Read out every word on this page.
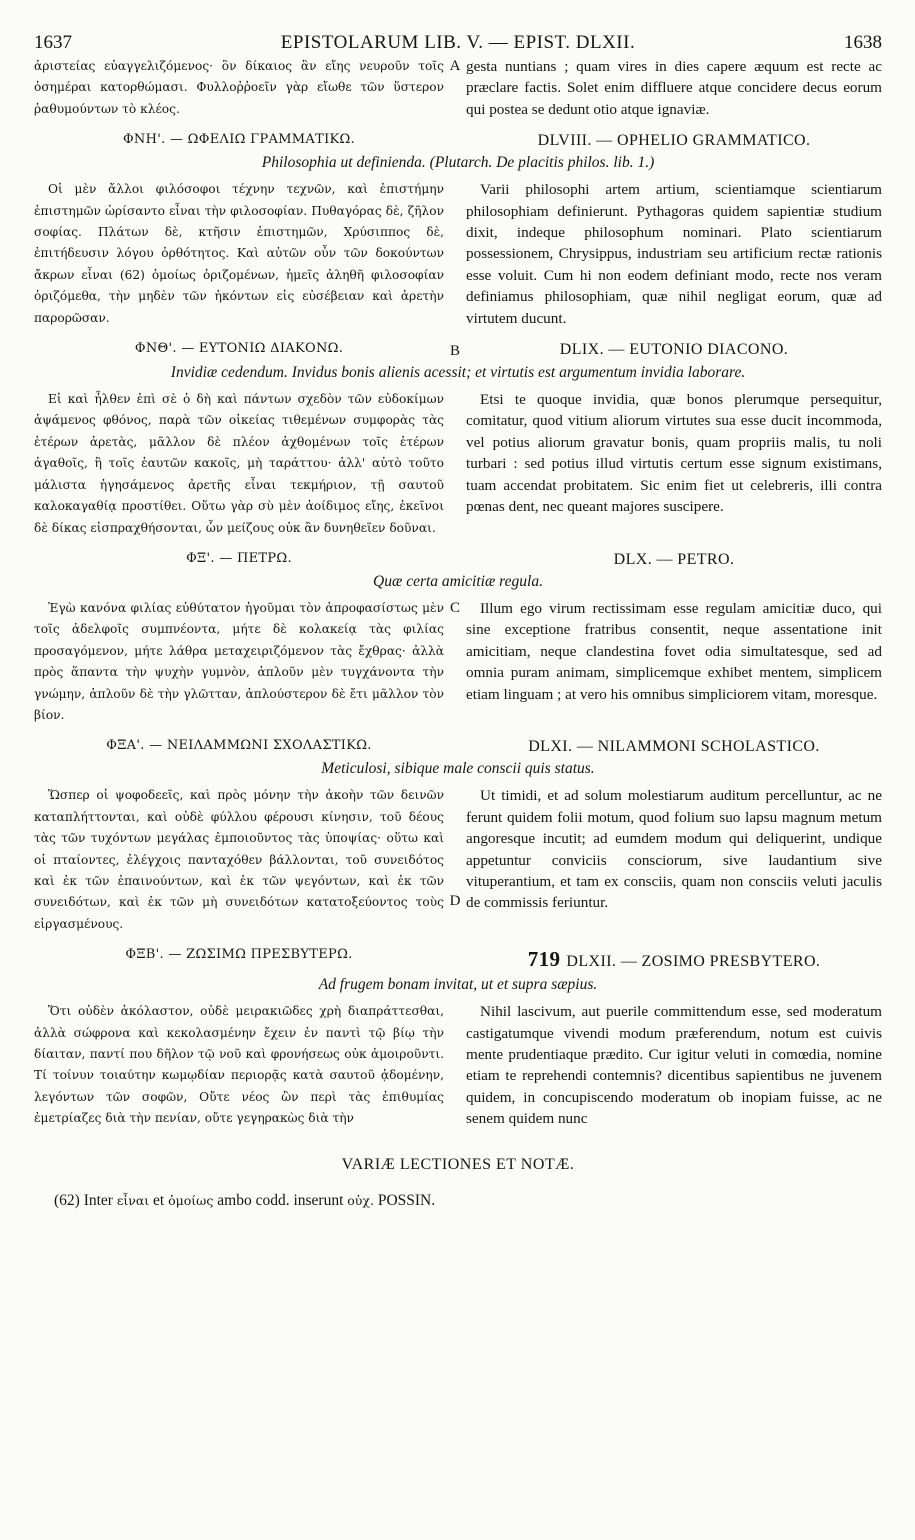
1637	EPISTOLARUM LIB. V. — EPIST. DLXII.	1638
ἀριστείας εὐαγγελιζόμενος· ὃν δίκαιος ἂν εἴης νευροῦν τοῖς ὁσημέραι κατορθώμασι. Φυλλοῤῥοεῖν γὰρ εἴωθε τῶν ὕστερον ῥαθυμούντων τὸ κλέος.
A gesta nuntians ; quam vires in dies capere æquum est recte ac præclare factis. Solet enim diffluere atque concidere decus eorum qui postea se dedunt otio atque ignaviæ.
ΦΝΗ'. — ΩΦΕΛΙΩ ΓΡΑΜΜΑΤΙΚΩ.	DLVIII. — OPHELIO GRAMMATICO.
Philosophia ut definienda. (Plutarch. De placitis philos. lib. 1.)
Οἱ μὲν ἄλλοι φιλόσοφοι τέχνην τεχνῶν, καὶ ἐπιστήμην ἐπιστημῶν ὡρίσαντο εἶναι τὴν φιλοσοφίαν. Πυθαγόρας δὲ, ζῆλον σοφίας. Πλάτων δὲ, κτῆσιν ἐπιστημῶν, Χρύσιππος δὲ, ἐπιτήδευσιν λόγου ὀρθότητος. Καὶ αὐτῶν οὖν τῶν δοκούντων ἄκρων εἶναι (62) ὁμοίως ὁριζομένων, ἡμεῖς ἀληθῆ φιλοσοφίαν ὁριζόμεθα, τὴν μηδὲν τῶν ἡκόντων εἰς εὐσέβειαν καὶ ἀρετὴν παρορῶσαν.
Varii philosophi artem artium, scientiamque scientiarum philosophiam definierunt. Pythagoras quidem sapientiæ studium dixit, indeque philosophum nominari. Plato scientiarum possessionem, Chrysippus, industriam seu artificium rectæ rationis esse voluit. Cum hi non eodem definiant modo, recte nos veram definiamus philosophiam, quæ nihil negligat eorum, quæ ad virtutem ducunt.
ΦΝΘ'. — ΕΥΤΟΝΙΩ ΔΙΑΚΟΝΩ.	B	DLIX. — EUTONIO DIACONO.
Invidiæ cedendum. Invidus bonis alienis acessit; et virtutis est argumentum invidia laborare.
Εἰ καὶ ἦλθεν ἐπὶ σὲ ὁ δὴ καὶ πάντων σχεδὸν τῶν εὐδοκίμων ἁψάμενος φθόνος, παρὰ τῶν οἰκείας τιθεμένων συμφορὰς τὰς ἑτέρων ἀρετὰς, μᾶλλον δὲ πλέον ἀχθομένων τοῖς ἑτέρων ἀγαθοῖς, ἢ τοῖς ἑαυτῶν κακοῖς, μὴ ταράττου· ἀλλ' αὐτὸ τοῦτο μάλιστα ἡγησάμενος ἀρετῆς εἶναι τεκμήριον, τῇ σαυτοῦ καλοκαγαθίᾳ προστίθει. Οὕτω γὰρ σὺ μὲν ἀοίδιμος εἴης, ἐκεῖνοι δὲ δίκας εἰσπραχθήσονται, ὧν μείζους οὐκ ἂν δυνηθεῖεν δοῦναι.
Etsi te quoque invidia, quæ bonos plerumque persequitur, comitatur, quod vitium aliorum virtutes sua esse ducit incommoda, vel potius aliorum gravatur bonis, quam propriis malis, tu noli turbari : sed potius illud virtutis certum esse signum existimans, tuam accendat probitatem. Sic enim fiet ut celebreris, illi contra pœnas dent, nec queant majores suscipere.
ΦΞ'. — ΠΕΤΡΩ.	DLX. — PETRO.
Quæ certa amicitiæ regula.
Ἐγὼ κανόνα φιλίας εὐθύτατον ἡγοῦμαι τὸν ἀπροφασίστως μὲν τοῖς ἀδελφοῖς συμπνέοντα, μήτε δὲ κολακείᾳ τὰς φιλίας προσαγόμενον, μήτε λάθρα μεταχειριζόμενον τὰς ἔχθρας· ἀλλὰ πρὸς ἅπαντα τὴν ψυχὴν γυμνὸν, ἁπλοῦν μὲν τυγχάνοντα τὴν γνώμην, ἁπλοῦν δὲ τὴν γλῶτταν, ἁπλούστερον δὲ ἔτι μᾶλλον τὸν βίον.
C	Illum ego virum rectissimam esse regulam amicitiæ duco, qui sine exceptione fratribus consentit, neque assentatione init amicitiam, neque clandestina fovet odia simultatesque, sed ad omnia puram animam, simplicemque exhibet mentem, simplicem etiam linguam ; at vero his omnibus simpliciorem vitam, moresque.
ΦΞΑ'. — ΝΕΙΛΑΜΜΩΝΙ ΣΧΟΛΑΣΤΙΚΩ.	DLXI. — NILAMMONI SCHOLASTICO.
Meticulosi, sibique male conscii quis status.
Ὥσπερ οἱ ψοφοδεεῖς, καὶ πρὸς μόνην τὴν ἀκοὴν τῶν δεινῶν καταπλήττονται, καὶ οὐδὲ φύλλου φέρουσι κίνησιν, τοῦ δέους τὰς τῶν τυχόντων μεγάλας ἐμποιοῦντος τὰς ὑποψίας· οὕτω καὶ οἱ πταίοντες, ἐλέγχοις πανταχόθεν βάλλονται, τοῦ συνειδότος καὶ ἐκ τῶν ἐπαινούντων, καὶ ἐκ τῶν ψεγόντων, καὶ ἐκ τῶν συνειδότων, καὶ ἐκ τῶν μὴ συνειδότων κατατοξεύοντος τοὺς εἰργασμένους.
D
Ut timidi, et ad solum molestiarum auditum percelluntur, ac ne ferunt quidem folii motum, quod folium suo lapsu magnum metum angoresque incutit; ad eumdem modum qui deliquerint, undique appetuntur conviciis consciorum, sive laudantium sive vituperantium, et tam ex consciis, quam non consciis veluti jaculis de commissis feriuntur.
ΦΞΒ'. — ΖΩΣΙΜΩ ΠΡΕΣΒΥΤΕΡΩ.	719 DLXII. — ZOSIMO PRESBYTERO.
Ad frugem bonam invitat, ut et supra sæpius.
Ὅτι οὐδὲν ἀκόλαστον, οὐδὲ μειρακιῶδες χρὴ διαπράττεσθαι, ἀλλὰ σώφρονα καὶ κεκολασμένην ἔχειν ἐν παντὶ τῷ βίῳ τὴν δίαιταν, παντί που δῆλον τῷ νοῦ καὶ φρονήσεως οὐκ ἀμοιροῦντι. Τί τοίνυν τοιαύτην κωμῳδίαν περιορᾷς κατὰ σαυτοῦ ᾀδομένην, λεγόντων τῶν σοφῶν, Οὔτε νέος ὢν περὶ τὰς ἐπιθυμίας ἐμετρίαζες διὰ τὴν πενίαν, οὔτε γεγηρακὼς διὰ τὴν
Nihil lascivum, aut puerile committendum esse, sed moderatum castigatumque vivendi modum præferendum, notum est cuivis mente prudentiaque prædito. Cur igitur veluti in comœdia, nomine etiam te reprehendi contemnis? dicentibus sapientibus ne juvenem quidem, in concupiscendo moderatum ob inopiam fuisse, ac ne senem quidem nunc
VARIÆ LECTIONES ET NOTÆ.
(62) Inter εἶναι et ὁμοίως ambo codd. inserunt οὐχ. POSSIN.
